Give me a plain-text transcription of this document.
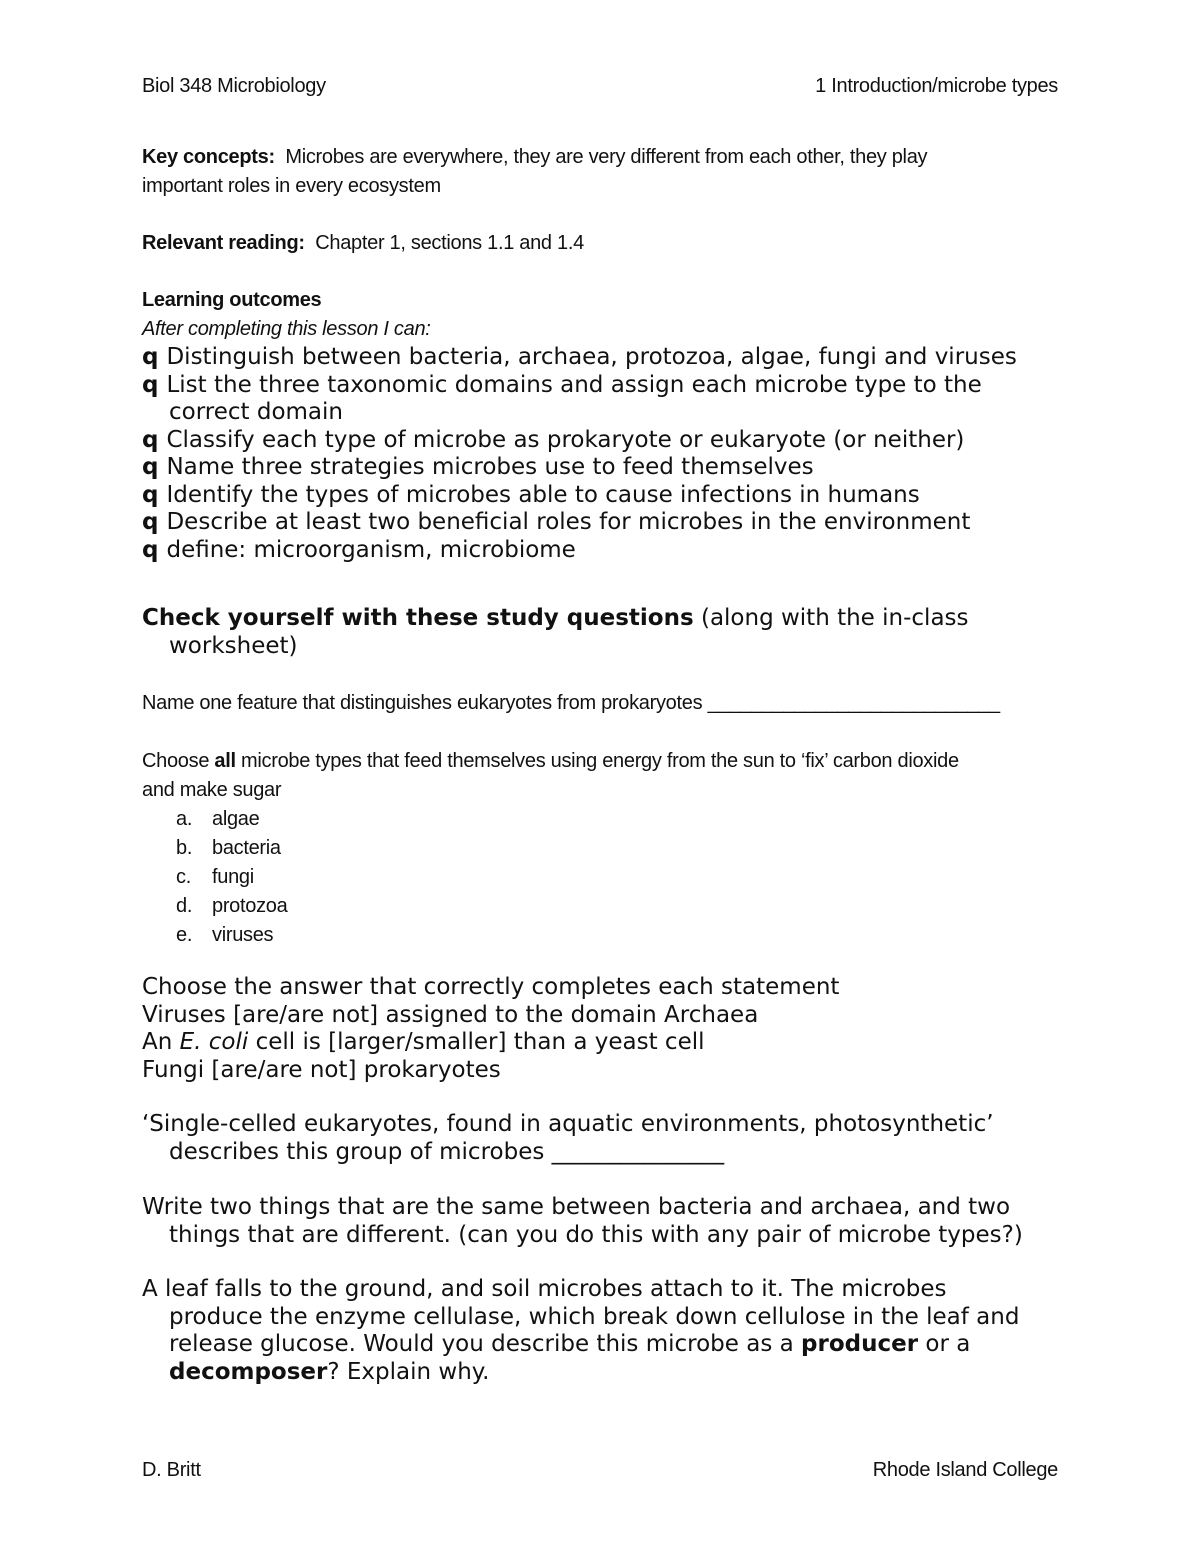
Biol 348 Microbiology	1 Introduction/microbe types
Key concepts: Microbes are everywhere, they are very different from each other, they play
important roles in every ecosystem
Relevant reading: Chapter 1, sections 1.1 and 1.4
Learning outcomes
After completing this lesson I can:
q Distinguish between bacteria, archaea, protozoa, algae, fungi and viruses
q List the three taxonomic domains and assign each microbe type to the
correct domain
q Classify each type of microbe as prokaryote or eukaryote (or neither)
q Name three strategies microbes use to feed themselves
q Identify the types of microbes able to cause infections in humans
q Describe at least two beneficial roles for microbes in the environment
q define: microorganism, microbiome
Check yourself with these study questions (along with the in-class
worksheet)
Name one feature that distinguishes eukaryotes from prokaryotes ___________________________
Choose all microbe types that feed themselves using energy from the sun to ‘fix’ carbon dioxide
and make sugar
a. algae
b. bacteria
c. fungi
d. protozoa
e. viruses
Choose the answer that correctly completes each statement
Viruses [are/are not] assigned to the domain Archaea
An E. coli cell is [larger/smaller] than a yeast cell
Fungi [are/are not] prokaryotes
‘Single-celled eukaryotes, found in aquatic environments, photosynthetic’
describes this group of microbes _______________
Write two things that are the same between bacteria and archaea, and two
things that are different. (can you do this with any pair of microbe types?)
A leaf falls to the ground, and soil microbes attach to it. The microbes
produce the enzyme cellulase, which break down cellulose in the leaf and
release glucose. Would you describe this microbe as a producer or a
decomposer? Explain why.
D. Britt	Rhode Island College
